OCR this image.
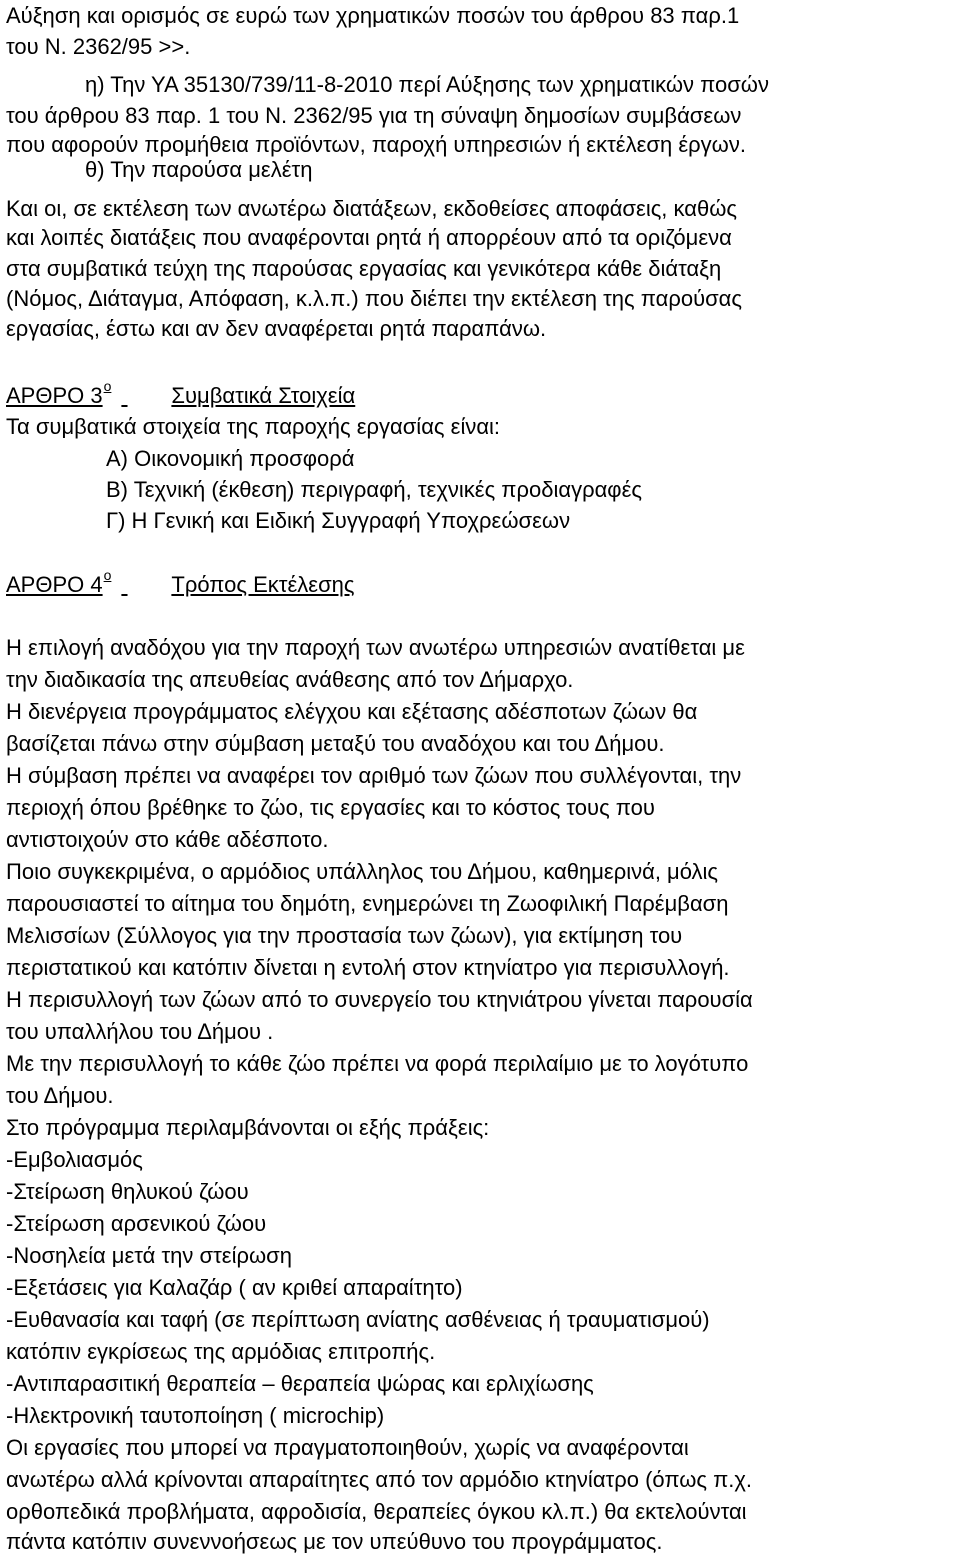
Αύξηση και ορισμός σε ευρώ των χρηματικών ποσών του άρθρου 83 παρ.1
του Ν. 2362/95 >>.
η) Την ΥΑ 35130/739/11-8-2010 περί Αύξησης των χρηματικών ποσών
του άρθρου 83 παρ. 1 του Ν. 2362/95 για τη σύναψη δημοσίων συμβάσεων
που αφορούν προμήθεια προϊόντων, παροχή υπηρεσιών ή εκτέλεση έργων.
θ) Την παρούσα μελέτη
Και οι, σε εκτέλεση των ανωτέρω διατάξεων, εκδοθείσες αποφάσεις, καθώς
και λοιπές διατάξεις που αναφέρονται ρητά ή απορρέουν από τα οριζόμενα
στα συμβατικά τεύχη της παρούσας εργασίας και γενικότερα κάθε διάταξη
(Νόμος, Διάταγμα, Απόφαση, κ.λ.π.) που διέπει την εκτέλεση της παρούσας
εργασίας, έστω και αν δεν αναφέρεται ρητά παραπάνω.
ΑΡΘΡΟ $3^o$	Συμβατικά Στοιχεία
Τα συμβατικά στοιχεία της παροχής εργασίας είναι:
Α) Οικονομική προσφορά
Β) Τεχνική (έκθεση) περιγραφή, τεχνικές προδιαγραφές
Γ) Η Γενική και Ειδική Συγγραφή Υποχρεώσεων
ΑΡΘΡΟ $4^o$	Τρόπος Εκτέλεσης
Η επιλογή αναδόχου για την παροχή των ανωτέρω υπηρεσιών ανατίθεται με
την διαδικασία της απευθείας ανάθεσης από τον Δήμαρχο.
Η διενέργεια προγράμματος ελέγχου και εξέτασης αδέσποτων ζώων θα
βασίζεται πάνω στην σύμβαση μεταξύ του αναδόχου και του Δήμου.
Η σύμβαση πρέπει να αναφέρει τον αριθμό των ζώων που συλλέγονται, την
περιοχή όπου βρέθηκε το ζώο, τις εργασίες και το κόστος τους που
αντιστοιχούν στο κάθε αδέσποτο.
Ποιο συγκεκριμένα, ο αρμόδιος υπάλληλος του Δήμου, καθημερινά, μόλις
παρουσιαστεί το αίτημα του δημότη, ενημερώνει τη Ζωοφιλική Παρέμβαση
Μελισσίων (Σύλλογος για την προστασία των ζώων), για εκτίμηση του
περιστατικού και κατόπιν δίνεται η εντολή στον κτηνίατρο για περισυλλογή.
Η περισυλλογή των ζώων από το συνεργείο του κτηνιάτρου γίνεται παρουσία
του υπαλλήλου του Δήμου .
Με την περισυλλογή το κάθε ζώο πρέπει να φορά περιλαίμιο με το λογότυπο
του Δήμου.
Στο πρόγραμμα περιλαμβάνονται οι εξής πράξεις:
-Εμβολιασμός
-Στείρωση θηλυκού ζώου
-Στείρωση αρσενικού ζώου
-Νοσηλεία μετά την στείρωση
-Εξετάσεις για Καλαζάρ ( αν κριθεί απαραίτητο)
-Ευθανασία και ταφή (σε περίπτωση ανίατης ασθένειας ή τραυματισμού)
κατόπιν εγκρίσεως της αρμόδιας επιτροπής.
-Αντιπαρασιτική θεραπεία – θεραπεία ψώρας και ερλιχίωσης
-Ηλεκτρονική ταυτοποίηση ( microchip)
Οι εργασίες που μπορεί να πραγματοποιηθούν, χωρίς να αναφέρονται
ανωτέρω αλλά κρίνονται απαραίτητες από τον αρμόδιο κτηνίατρο (όπως π.χ.
ορθοπεδικά προβλήματα, αφροδισία, θεραπείες όγκου κλ.π.) θα εκτελούνται
πάντα κατόπιν συνεννοήσεως με τον υπεύθυνο του προγράμματος.
